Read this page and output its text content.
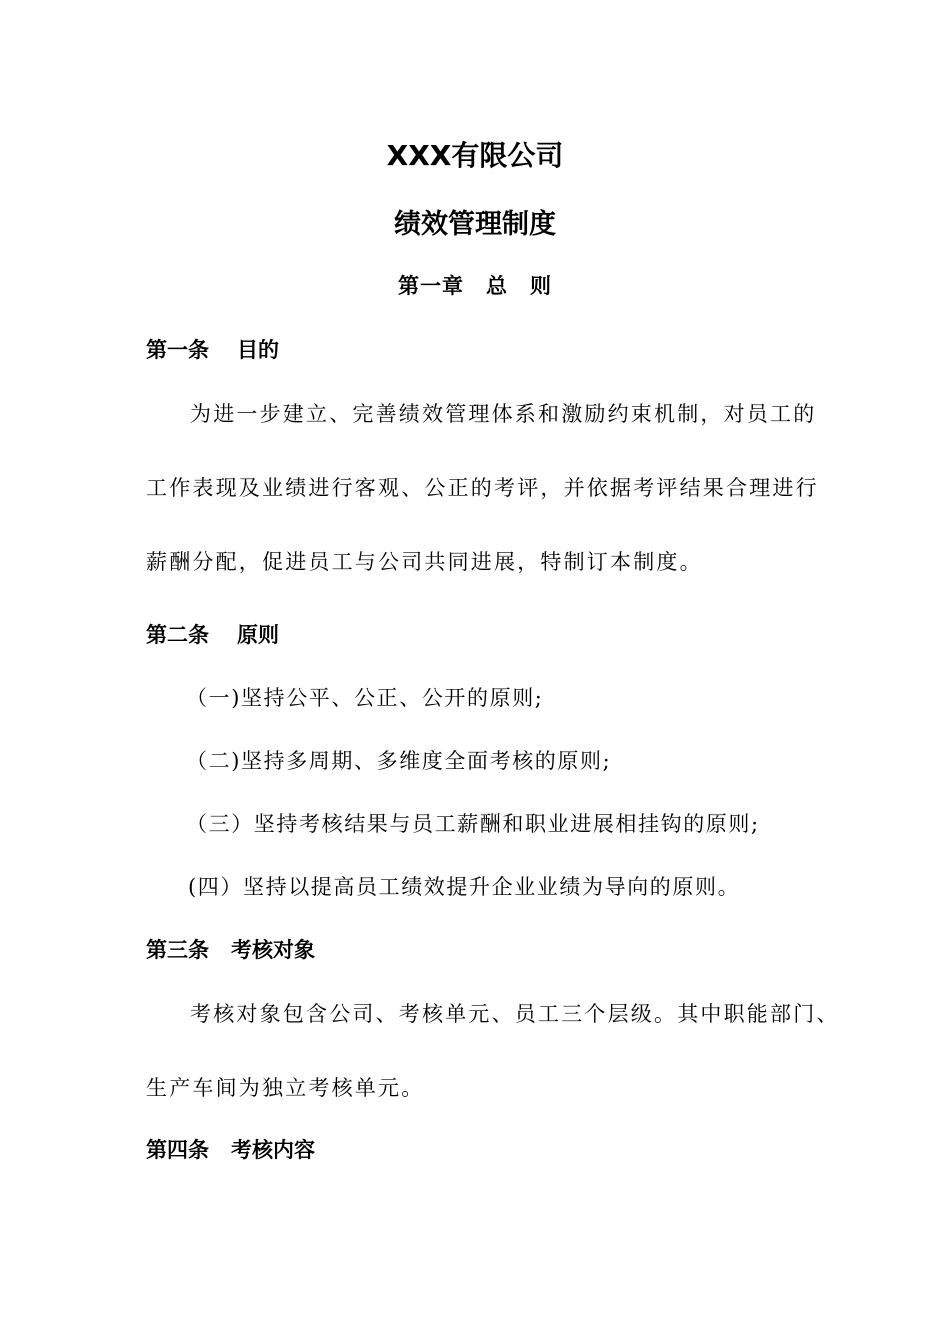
XXX有限公司
绩效管理制度
第一章 总　则
第一条 目的

为进一步建立、完善绩效管理体系和激励约束机制，对员工的

工作表现及业绩进行客观、公正的考评，并依据考评结果合理进行

薪酬分配，促进员工与公司共同进展，特制订本制度。

第二条 原则

（一)坚持公平、公正、公开的原则;

（二)坚持多周期、多维度全面考核的原则;

（三）坚持考核结果与员工薪酬和职业进展相挂钩的原则;

(四）坚持以提高员工绩效提升企业业绩为导向的原则。

第三条 考核对象

考核对象包含公司、考核单元、员工三个层级。其中职能部门、

生产车间为独立考核单元。

第四条 考核内容
